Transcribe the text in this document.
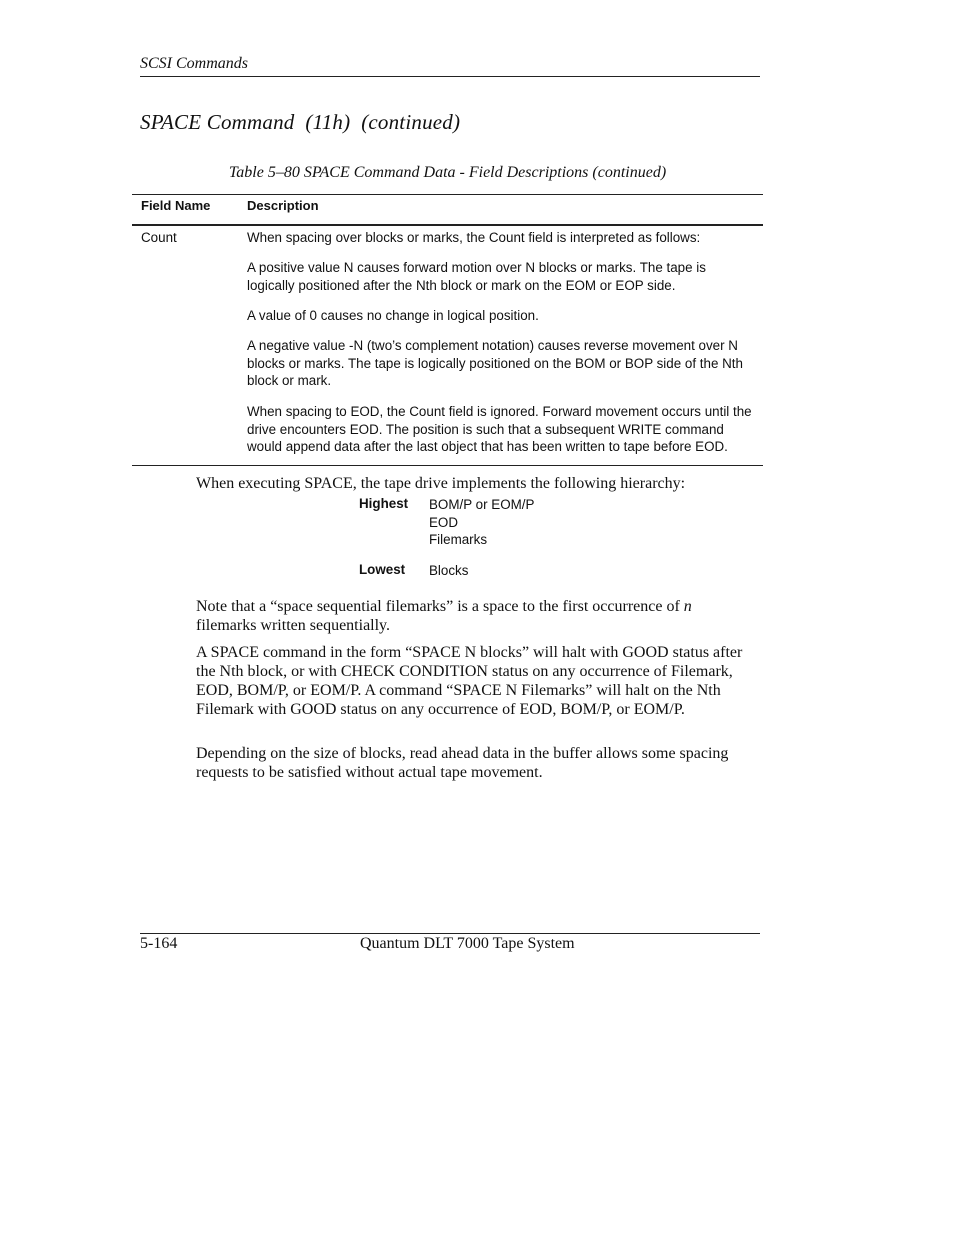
SCSI Commands
SPACE Command  (11h)  (continued)
Table 5–80 SPACE Command Data - Field Descriptions (continued)
Field Name	Description
Count	When spacing over blocks or marks, the Count field is interpreted as follows:
A positive value N causes forward motion over N blocks or marks. The tape is logically positioned after the Nth block or mark on the EOM or EOP side.
A value of 0 causes no change in logical position.
A negative value -N (two’s complement notation) causes reverse movement over N blocks or marks. The tape is logically positioned on the BOM or BOP side of the Nth block or mark.
When spacing to EOD, the Count field is ignored. Forward movement occurs until the drive encounters EOD. The position is such that a subsequent WRITE command would append data after the last object that has been written to tape before EOD.
When executing SPACE, the tape drive implements the following hierarchy:
Highest BOM/P or EOM/P
EOD
Filemarks
Lowest Blocks
Note that a “space sequential filemarks” is a space to the first occurrence of n filemarks written sequentially.
A SPACE command in the form “SPACE N blocks” will halt with GOOD status after the Nth block, or with CHECK CONDITION status on any occurrence of Filemark, EOD, BOM/P, or EOM/P. A command “SPACE N Filemarks” will halt on the Nth Filemark with GOOD status on any occurrence of EOD, BOM/P, or EOM/P.
Depending on the size of blocks, read ahead data in the buffer allows some spacing requests to be satisfied without actual tape movement.
5-164	Quantum DLT 7000 Tape System
